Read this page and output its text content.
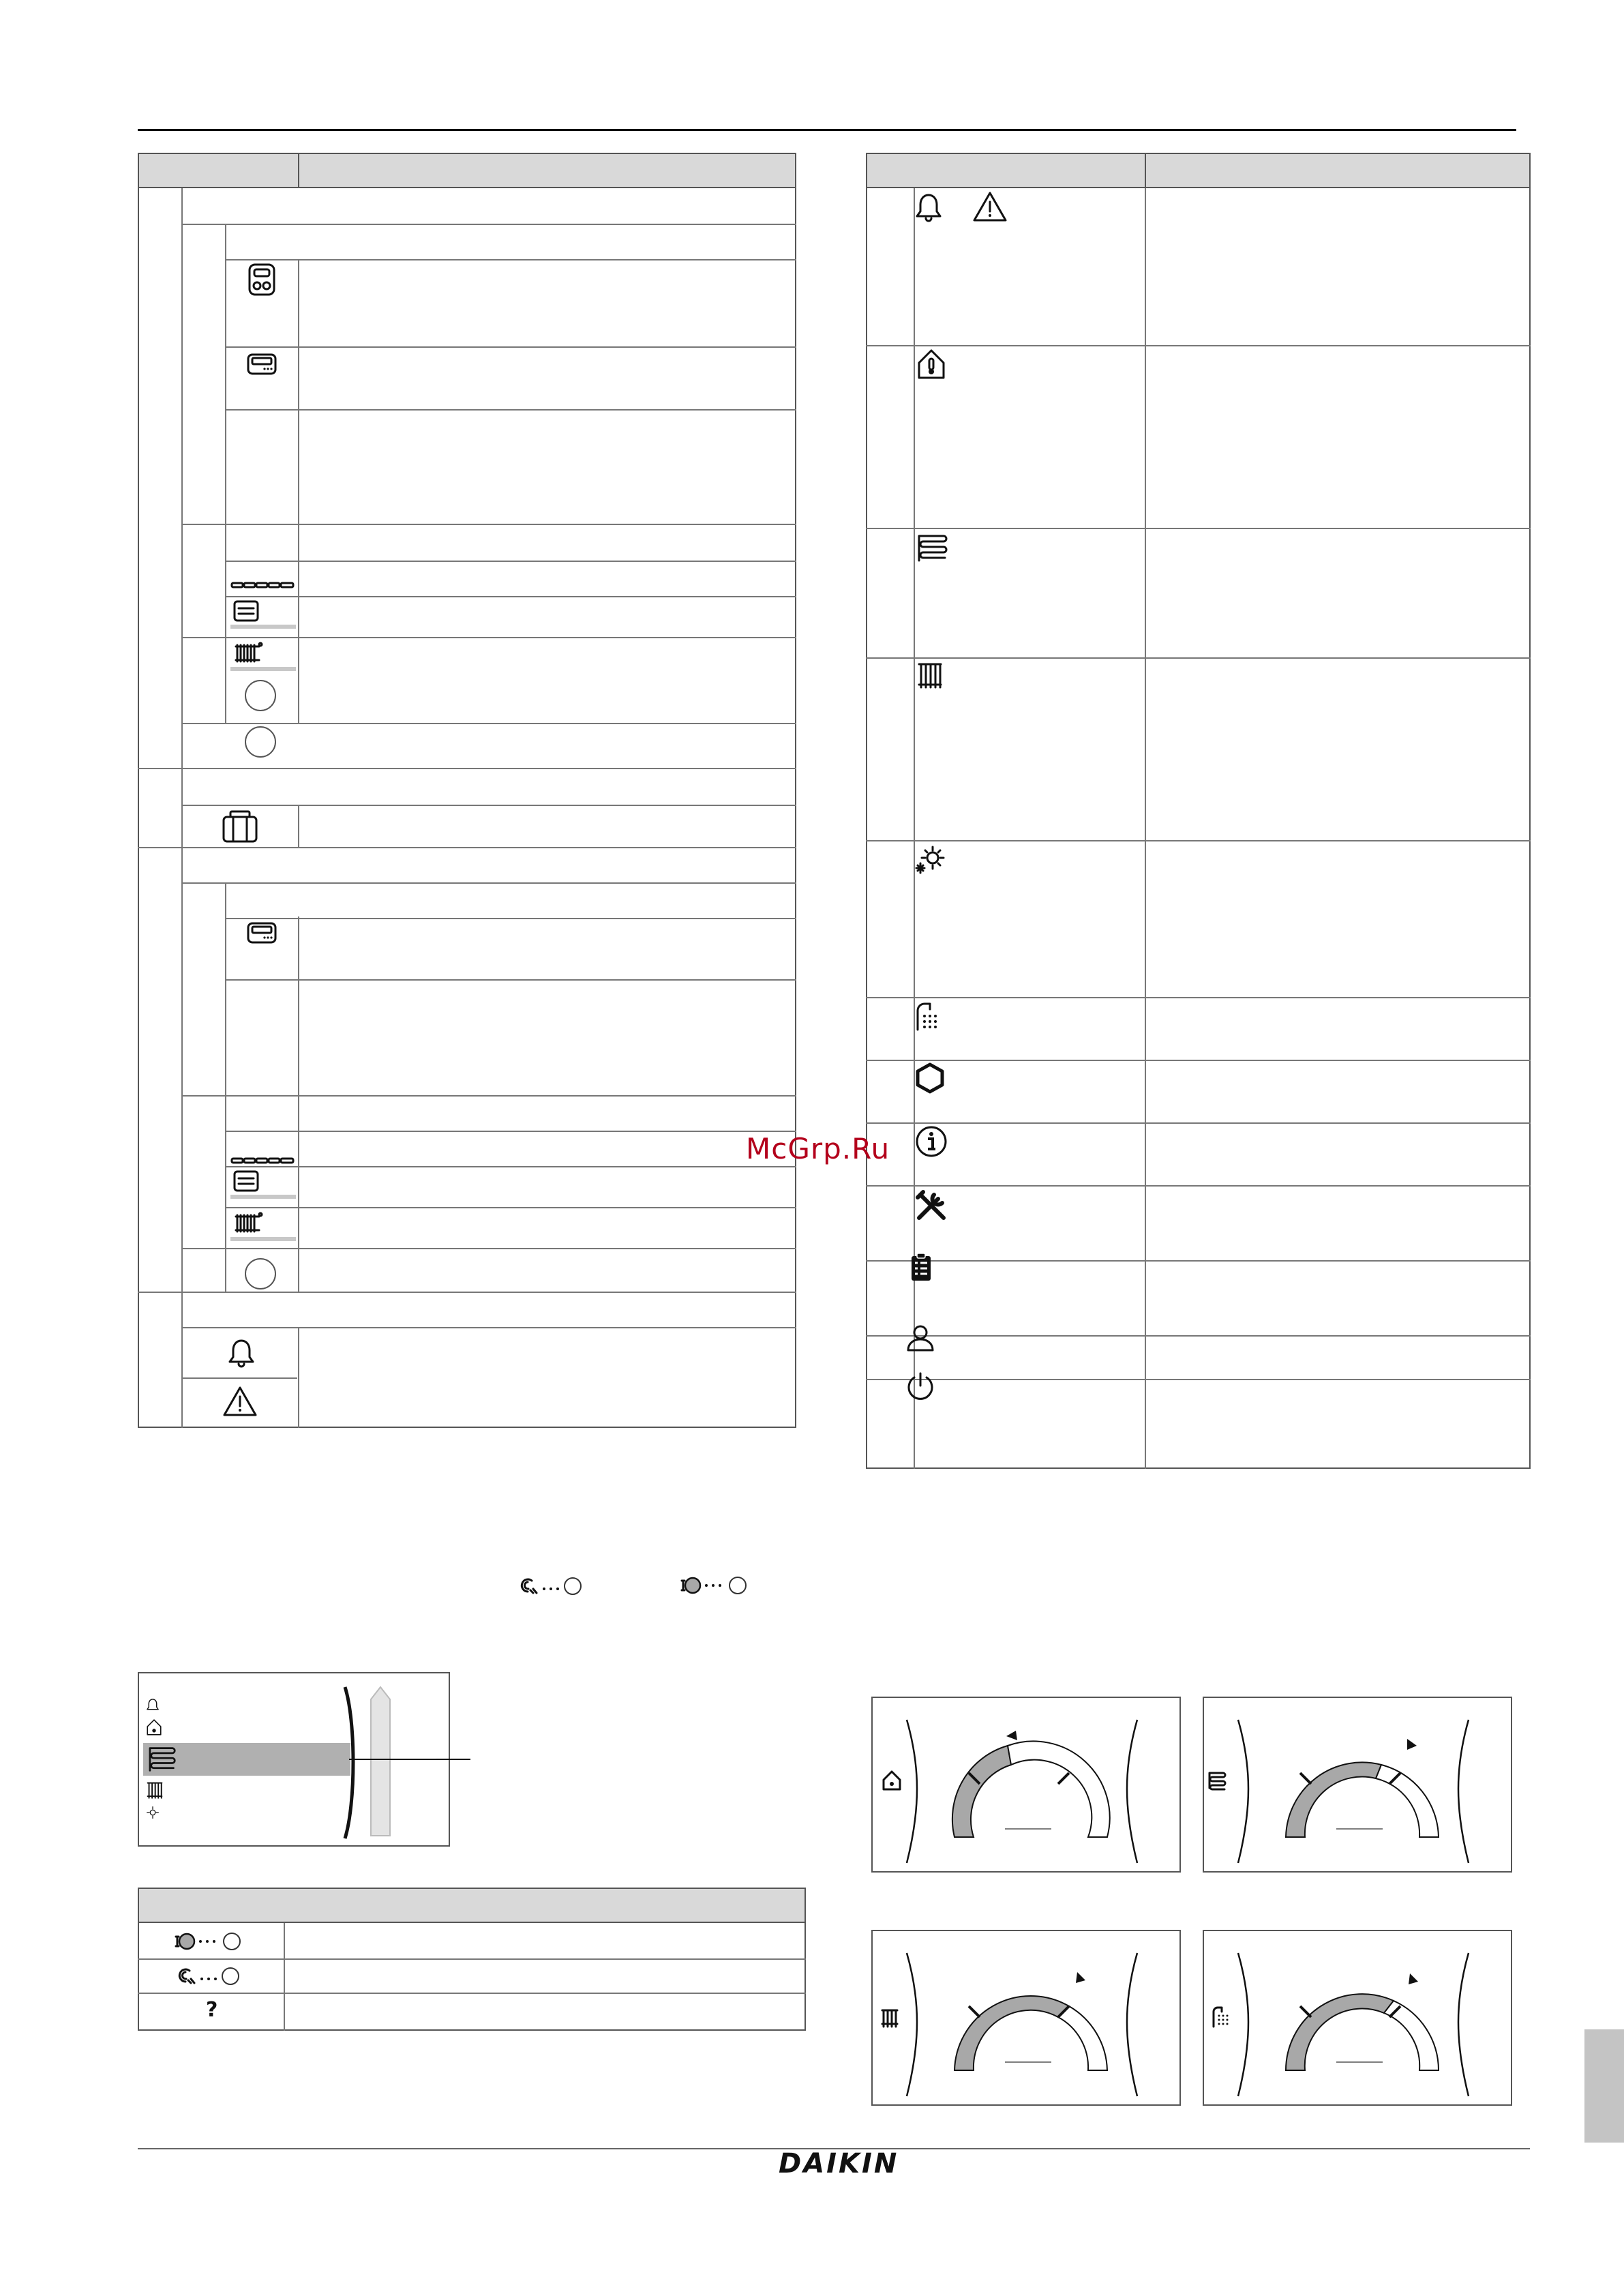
McGrp.Ru
?
DAIKIN
